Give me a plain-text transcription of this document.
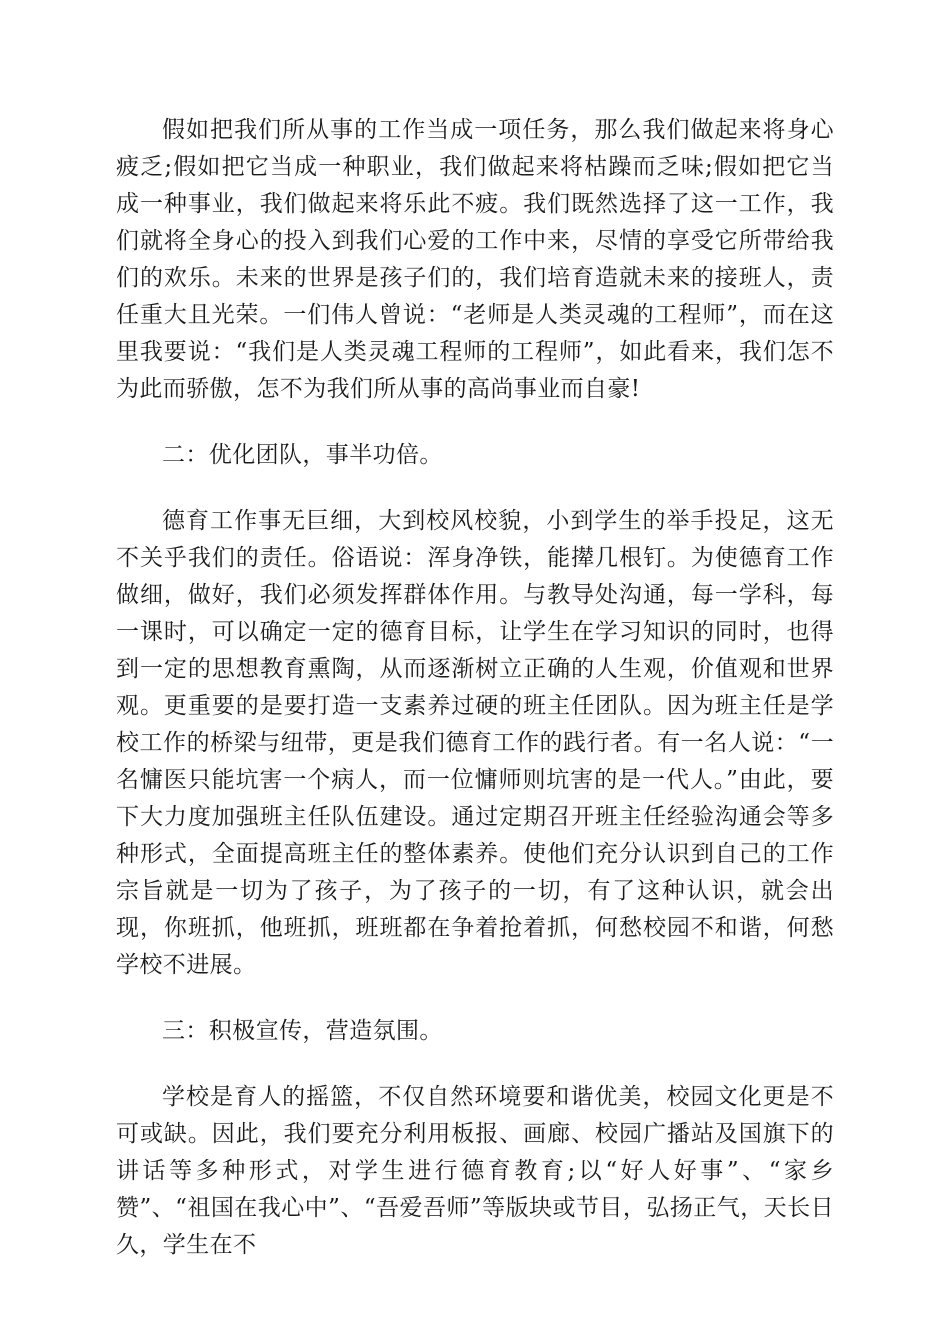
假如把我们所从事的工作当成一项任务，那么我们做起来将身心疲乏;假如把它当成一种职业，我们做起来将枯躁而乏味;假如把它当成一种事业，我们做起来将乐此不疲。我们既然选择了这一工作，我们就将全身心的投入到我们心爱的工作中来，尽情的享受它所带给我们的欢乐。未来的世界是孩子们的，我们培育造就未来的接班人，责任重大且光荣。一们伟人曾说：“老师是人类灵魂的工程师”，而在这里我要说：“我们是人类灵魂工程师的工程师”，如此看来，我们怎不为此而骄傲，怎不为我们所从事的高尚事业而自豪!

二：优化团队，事半功倍。

德育工作事无巨细，大到校风校貌，小到学生的举手投足，这无不关乎我们的责任。俗语说：浑身净铁，能撵几根钉。为使德育工作做细，做好，我们必须发挥群体作用。与教导处沟通，每一学科，每一课时，可以确定一定的德育目标，让学生在学习知识的同时，也得到一定的思想教育熏陶，从而逐渐树立正确的人生观，价值观和世界观。更重要的是要打造一支素养过硬的班主任团队。因为班主任是学校工作的桥梁与纽带，更是我们德育工作的践行者。有一名人说：“一名慵医只能坑害一个病人，而一位慵师则坑害的是一代人。”由此，要下大力度加强班主任队伍建设。通过定期召开班主任经验沟通会等多种形式，全面提高班主任的整体素养。使他们充分认识到自己的工作宗旨就是一切为了孩子，为了孩子的一切，有了这种认识，就会出现，你班抓，他班抓，班班都在争着抢着抓，何愁校园不和谐，何愁学校不进展。

三：积极宣传，营造氛围。

学校是育人的摇篮，不仅自然环境要和谐优美，校园文化更是不可或缺。因此，我们要充分利用板报、画廊、校园广播站及国旗下的讲话等多种形式，对学生进行德育教育;以“好人好事”、“家乡赞”、“祖国在我心中”、“吾爱吾师”等版块或节目，弘扬正气，天长日久，学生在不
